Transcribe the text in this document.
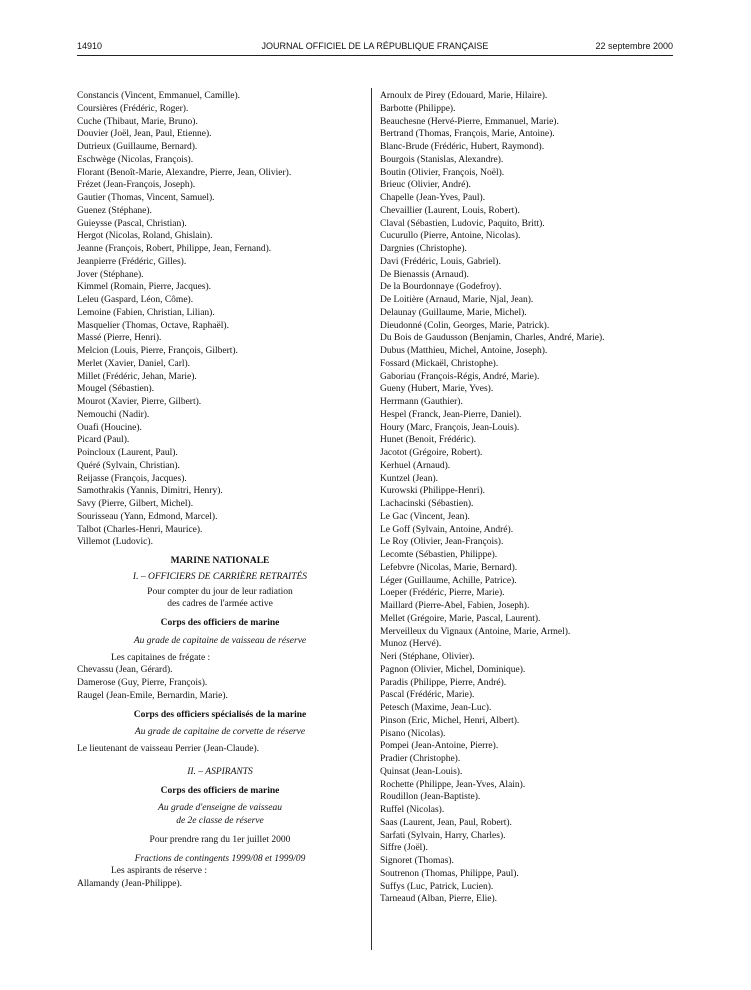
14910	JOURNAL OFFICIEL DE LA RÉPUBLIQUE FRANÇAISE	22 septembre 2000
Constancis (Vincent, Emmanuel, Camille).
Coursières (Frédéric, Roger).
Cuche (Thibaut, Marie, Bruno).
Douvier (Joël, Jean, Paul, Etienne).
Dutrieux (Guillaume, Bernard).
Eschwège (Nicolas, François).
Florant (Benoît-Marie, Alexandre, Pierre, Jean, Olivier).
Frézet (Jean-François, Joseph).
Gautier (Thomas, Vincent, Samuel).
Guenez (Stéphane).
Guieysse (Pascal, Christian).
Hergot (Nicolas, Roland, Ghislain).
Jeanne (François, Robert, Philippe, Jean, Fernand).
Jeanpierre (Frédéric, Gilles).
Jover (Stéphane).
Kimmel (Romain, Pierre, Jacques).
Leleu (Gaspard, Léon, Côme).
Lemoine (Fabien, Christian, Lilian).
Masquelier (Thomas, Octave, Raphaël).
Massé (Pierre, Henri).
Melcion (Louis, Pierre, François, Gilbert).
Merlet (Xavier, Daniel, Carl).
Millet (Frédéric, Jehan, Marie).
Mougel (Sébastien).
Mourot (Xavier, Pierre, Gilbert).
Nemouchi (Nadir).
Ouafi (Houcine).
Picard (Paul).
Poincloux (Laurent, Paul).
Quéré (Sylvain, Christian).
Reijasse (François, Jacques).
Samothrakis (Yannis, Dimitri, Henry).
Savy (Pierre, Gilbert, Michel).
Sourisseau (Yann, Edmond, Marcel).
Talbot (Charles-Henri, Maurice).
Villemot (Ludovic).
MARINE NATIONALE
I. – OFFICIERS DE CARRIÈRE RETRAITÉS
Pour compter du jour de leur radiation
des cadres de l'armée active
Corps des officiers de marine
Au grade de capitaine de vaisseau de réserve
Les capitaines de frégate :
Chevassu (Jean, Gérard).
Damerose (Guy, Pierre, François).
Raugel (Jean-Emile, Bernardin, Marie).
Corps des officiers spécialisés de la marine
Au grade de capitaine de corvette de réserve
Le lieutenant de vaisseau Perrier (Jean-Claude).
II. – ASPIRANTS
Corps des officiers de marine
Au grade d'enseigne de vaisseau
de 2e classe de réserve
Pour prendre rang du 1er juillet 2000
Fractions de contingents 1999/08 et 1999/09
Les aspirants de réserve :
Allamandy (Jean-Philippe).
Arnoulx de Pirey (Edouard, Marie, Hilaire).
Barbotte (Philippe).
Beauchesne (Hervé-Pierre, Emmanuel, Marie).
Bertrand (Thomas, François, Marie, Antoine).
Blanc-Brude (Frédéric, Hubert, Raymond).
Bourgois (Stanislas, Alexandre).
Boutin (Olivier, François, Noël).
Brieuc (Olivier, André).
Chapelle (Jean-Yves, Paul).
Chevaillier (Laurent, Louis, Robert).
Claval (Sébastien, Ludovic, Paquito, Britt).
Cucurullo (Pierre, Antoine, Nicolas).
Dargnies (Christophe).
Davi (Frédéric, Louis, Gabriel).
De Bienassis (Arnaud).
De la Bourdonnaye (Godefroy).
De Loitière (Arnaud, Marie, Njal, Jean).
Delaunay (Guillaume, Marie, Michel).
Dieudonné (Colin, Georges, Marie, Patrick).
Du Bois de Gaudusson (Benjamin, Charles, André, Marie).
Dubus (Matthieu, Michel, Antoine, Joseph).
Fossard (Mickaël, Christophe).
Gaboriau (François-Régis, André, Marie).
Gueny (Hubert, Marie, Yves).
Herrmann (Gauthier).
Hespel (Franck, Jean-Pierre, Daniel).
Houry (Marc, François, Jean-Louis).
Hunet (Benoit, Frédéric).
Jacotot (Grégoire, Robert).
Kerhuel (Arnaud).
Kuntzel (Jean).
Kurowski (Philippe-Henri).
Lachacinski (Sébastien).
Le Gac (Vincent, Jean).
Le Goff (Sylvain, Antoine, André).
Le Roy (Olivier, Jean-François).
Lecomte (Sébastien, Philippe).
Lefebvre (Nicolas, Marie, Bernard).
Léger (Guillaume, Achille, Patrice).
Loeper (Frédéric, Pierre, Marie).
Maillard (Pierre-Abel, Fabien, Joseph).
Mellet (Grégoire, Marie, Pascal, Laurent).
Merveilleux du Vignaux (Antoine, Marie, Armel).
Munoz (Hervé).
Neri (Stéphane, Olivier).
Pagnon (Olivier, Michel, Dominique).
Paradis (Philippe, Pierre, André).
Pascal (Frédéric, Marie).
Petesch (Maxime, Jean-Luc).
Pinson (Eric, Michel, Henri, Albert).
Pisano (Nicolas).
Pompei (Jean-Antoine, Pierre).
Pradier (Christophe).
Quinsat (Jean-Louis).
Rochette (Philippe, Jean-Yves, Alain).
Roudillon (Jean-Baptiste).
Ruffel (Nicolas).
Saas (Laurent, Jean, Paul, Robert).
Sarfati (Sylvain, Harry, Charles).
Siffre (Joël).
Signoret (Thomas).
Soutrenon (Thomas, Philippe, Paul).
Suffys (Luc, Patrick, Lucien).
Tarneaud (Alban, Pierre, Elie).
